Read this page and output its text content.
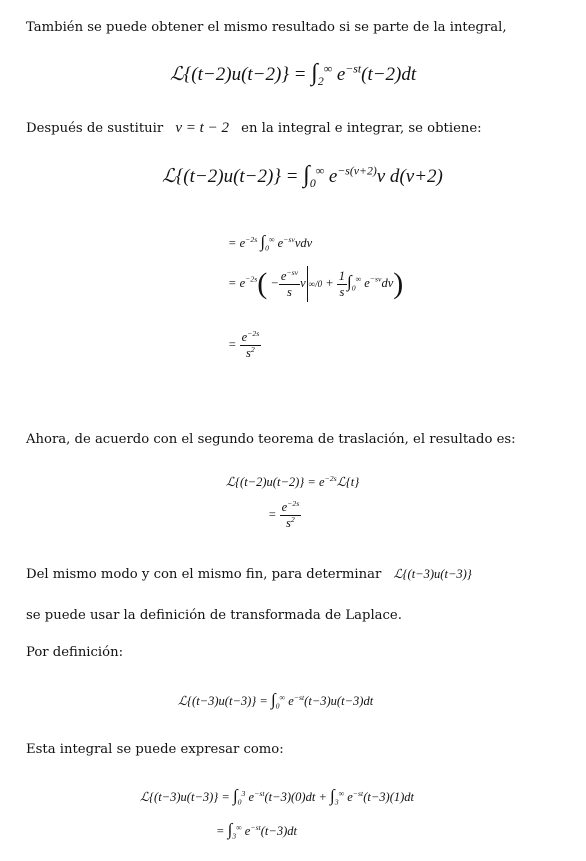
También se puede obtener el mismo resultado si se parte de la integral,
ℒ{(t−2)u(t−2)} = $\int_2^\infty$ $e^{-st}(t-2)dt$
Después de sustituir v = t − 2 en la integral e integrar, se obtiene:
ℒ{(t−2)u(t−2)} = $\int_0^\infty$ $e^{-s(v+2)}v$ d(v+2)
= $e^{-2s}$ $\int_0^\infty$ $e^{-sv}vdv$
= $e^{-2s}( - \frac{e^{-sv}}{s}$ v $\infty/0 + \frac{1}{s} \int_0^\infty$ $e^{-sv}dv$)
= $\frac{e^{-2s}}{s^2}$
Ahora, de acuerdo con el segundo teorema de traslación, el resultado es:
ℒ{(t−2)u(t−2)} = $e^{-2s}ℒ\{t\}$
= $\frac{e^{-2s}}{s^2}$
Del mismo modo y con el mismo fin, para determinar ℒ{(t−3)u(t−3)}
se puede usar la definición de transformada de Laplace.
Por definición:
ℒ{(t−3)u(t−3)} = $\int_0^\infty$ $e^{-st}(t-3)u(t-3)dt$
Esta integral se puede expresar como:
ℒ{(t−3)u(t−3)} = $\int_0^3$ $e^{-st}(t-3)(0)dt + \int_3^\infty$ $e^{-st}(t-3)(1)dt$
= $\int_3^\infty$ $e^{-st}(t-3)dt$
